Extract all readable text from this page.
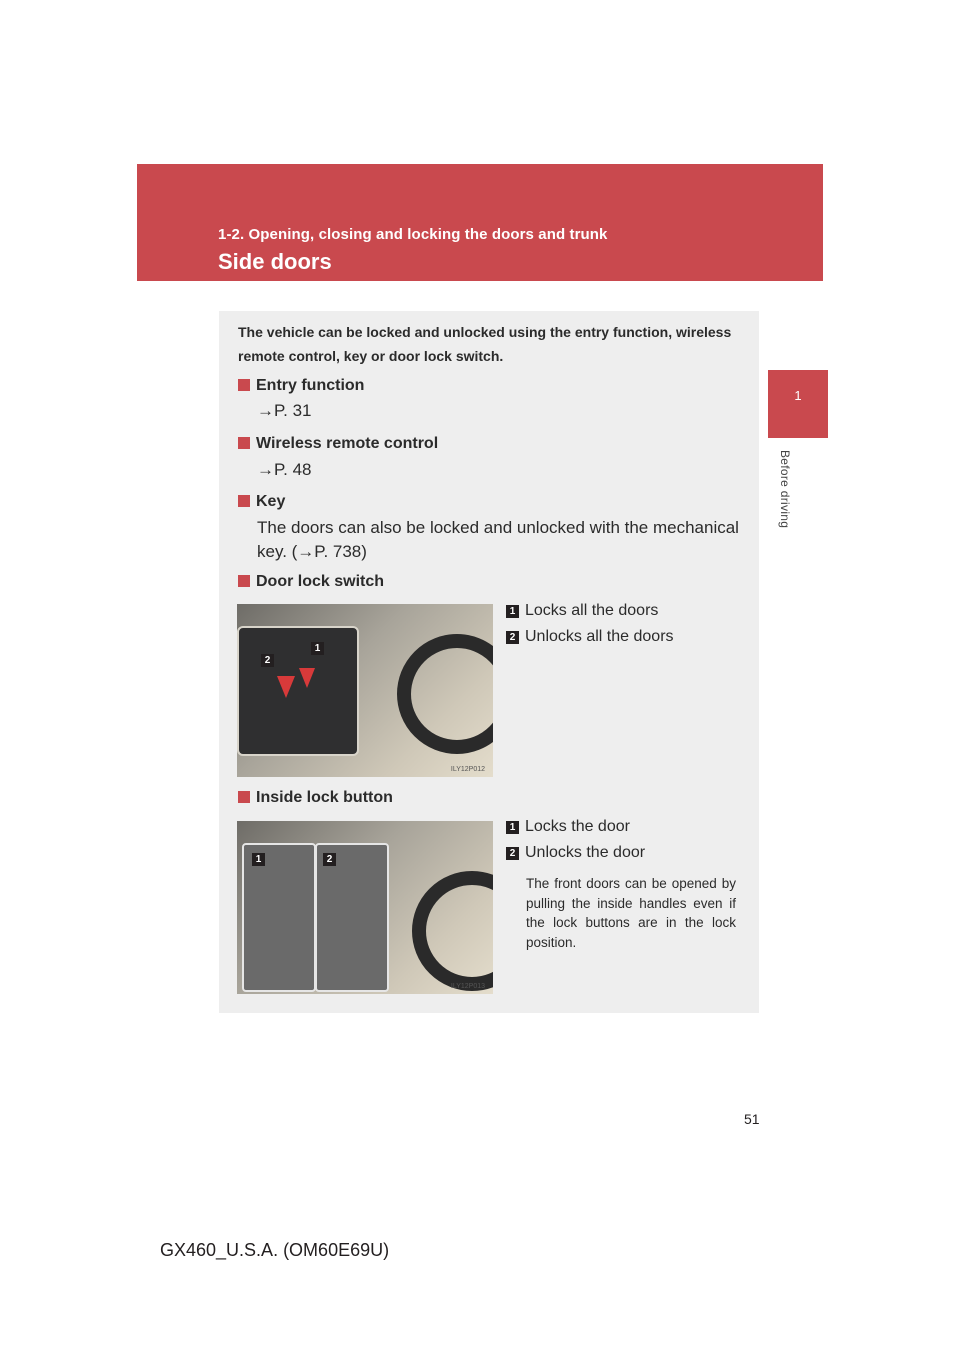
1-2. Opening, closing and locking the doors and trunk
Side doors
1
Before driving
The vehicle can be locked and unlocked using the entry function, wireless remote control, key or door lock switch.
Entry function
→P. 31
Wireless remote control
→P. 48
Key
The doors can also be locked and unlocked with the mechanical key. (→P. 738)
Door lock switch
2
1
ILY12P012
1 Locks all the doors
2 Unlocks all the doors
Inside lock button
1	2
ILY12P013
1 Locks the door
2 Unlocks the door
The front doors can be opened by pulling the inside handles even if the lock buttons are in the lock position.
51
GX460_U.S.A. (OM60E69U)
